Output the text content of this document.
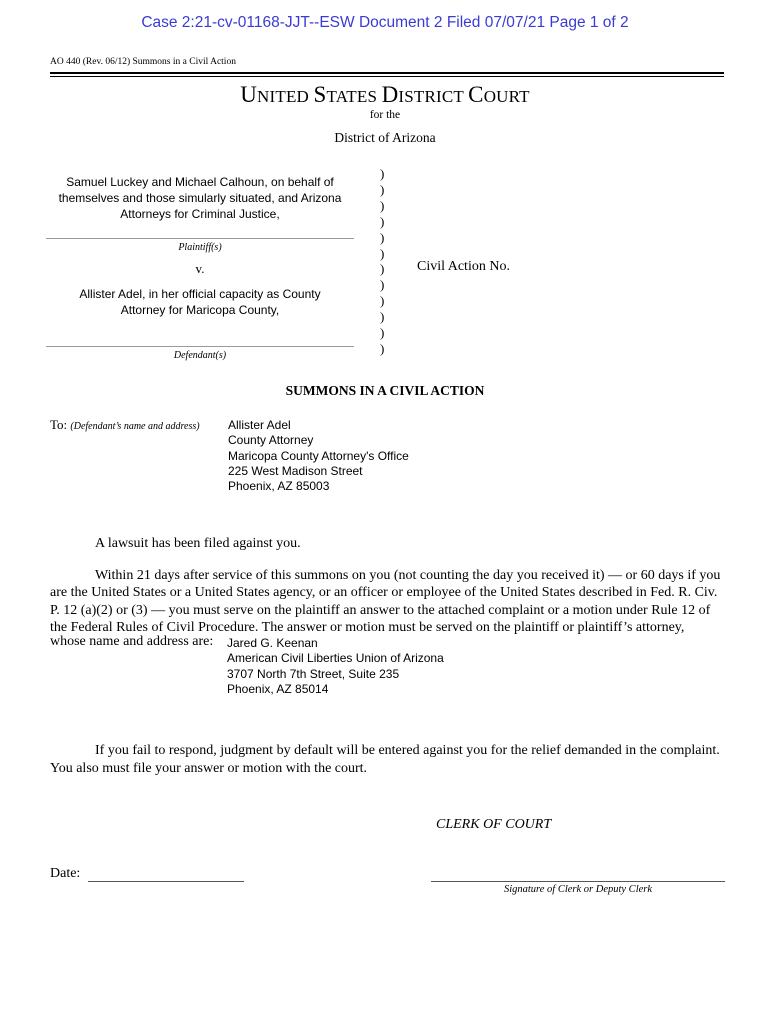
Case 2:21-cv-01168-JJT--ESW Document 2 Filed 07/07/21 Page 1 of 2
AO 440 (Rev. 06/12) Summons in a Civil Action
UNITED STATES DISTRICT COURT
for the
District of Arizona
Samuel Luckey and Michael Calhoun, on behalf of
themselves and those simularly situated, and Arizona
Attorneys for Criminal Justice,
Plaintiff(s)
v.
Allister Adel, in her official capacity as County
Attorney for Maricopa County,
Defendant(s)
)
)
)
)
)
)
)
)
)
)
)
)
Civil Action No.
SUMMONS IN A CIVIL ACTION
To: (Defendant’s name and address) Allister Adel
County Attorney
Maricopa County Attorney's Office
225 West Madison Street
Phoenix, AZ 85003
A lawsuit has been filed against you.
Within 21 days after service of this summons on you (not counting the day you received it) — or 60 days if you
are the United States or a United States agency, or an officer or employee of the United States described in Fed. R. Civ.
P. 12 (a)(2) or (3) — you must serve on the plaintiff an answer to the attached complaint or a motion under Rule 12 of
the Federal Rules of Civil Procedure. The answer or motion must be served on the plaintiff or plaintiff’s attorney,
whose name and address are: Jared G. Keenan
American Civil Liberties Union of Arizona
3707 North 7th Street, Suite 235
Phoenix, AZ 85014
If you fail to respond, judgment by default will be entered against you for the relief demanded in the complaint. You also must file your answer or motion with the court.
CLERK OF COURT
Date:
Signature of Clerk or Deputy Clerk
